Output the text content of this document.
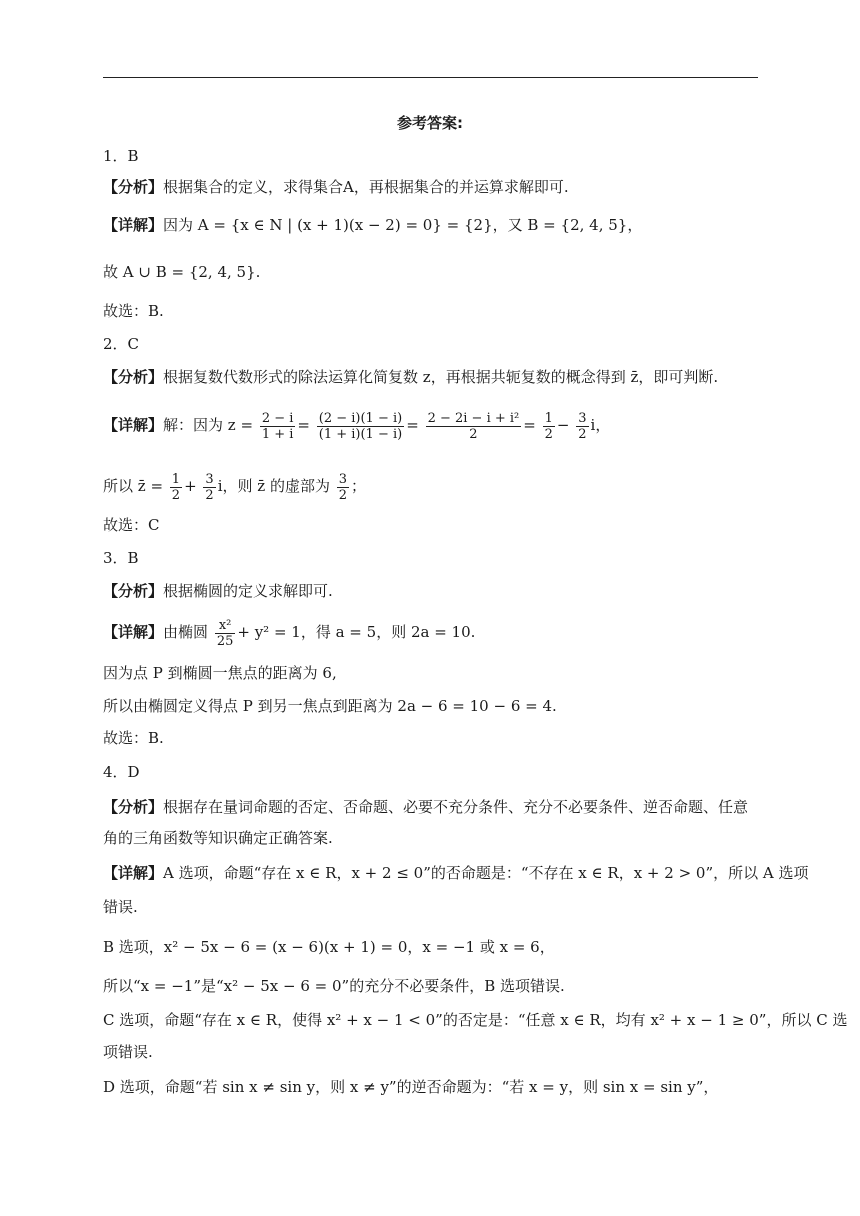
参考答案:
1．B
【分析】根据集合的定义，求得集合A，再根据集合的并运算求解即可.
【详解】因为 A = {x ∈ N | (x + 1)(x − 2) = 0} = {2}，又 B = {2, 4, 5}，
故 A ∪ B = {2, 4, 5}.
故选：B.
2．C
【分析】根据复数代数形式的除法运算化简复数 z，再根据共轭复数的概念得到 z̄，即可判断.
【详解】解：因为 $z = \frac{2 - i}{1 + i} = \frac{(2 - i)(1 - i)}{(1 + i)(1 - i)} = \frac{\text{2 − 2i − i + i²}}{2} = \frac{1}{2} - \frac{3}{2}$ i，
所以 z̄ = $\frac{1}{2} + \frac{3}{2}$ i，则 z̄ 的虚部为 $\frac{3}{2}$ ；
故选：C
3．B
【分析】根据椭圆的定义求解即可.
【详解】由椭圆 $\frac{\text{x²}}{25} + y^2 = 1$，得 a = 5，则 2a = 10.
因为点 P 到椭圆一焦点的距离为 6,
所以由椭圆定义得点 P 到另一焦点到距离为 2a − 6 = 10 − 6 = 4.
故选：B.
4．D
【分析】根据存在量词命题的否定、否命题、必要不充分条件、充分不必要条件、逆否命题、任意
角的三角函数等知识确定正确答案.
【详解】A 选项，命题“存在 x ∈ R，x + 2 ≤ 0”的否命题是：“不存在 x ∈ R，x + 2 > 0”，所以 A 选项
错误.
B 选项，x² − 5x − 6 = (x − 6)(x + 1) = 0，x = −1 或 x = 6，
所以“x = −1”是“x² − 5x − 6 = 0”的充分不必要条件，B 选项错误.
C 选项，命题“存在 x ∈ R，使得 x² + x − 1 < 0”的否定是：“任意 x ∈ R，均有 x² + x − 1 ≥ 0”，所以 C 选
项错误.
D 选项，命题“若 sin x ≠ sin y，则 x ≠ y”的逆否命题为：“若 x = y，则 sin x = sin y”，
